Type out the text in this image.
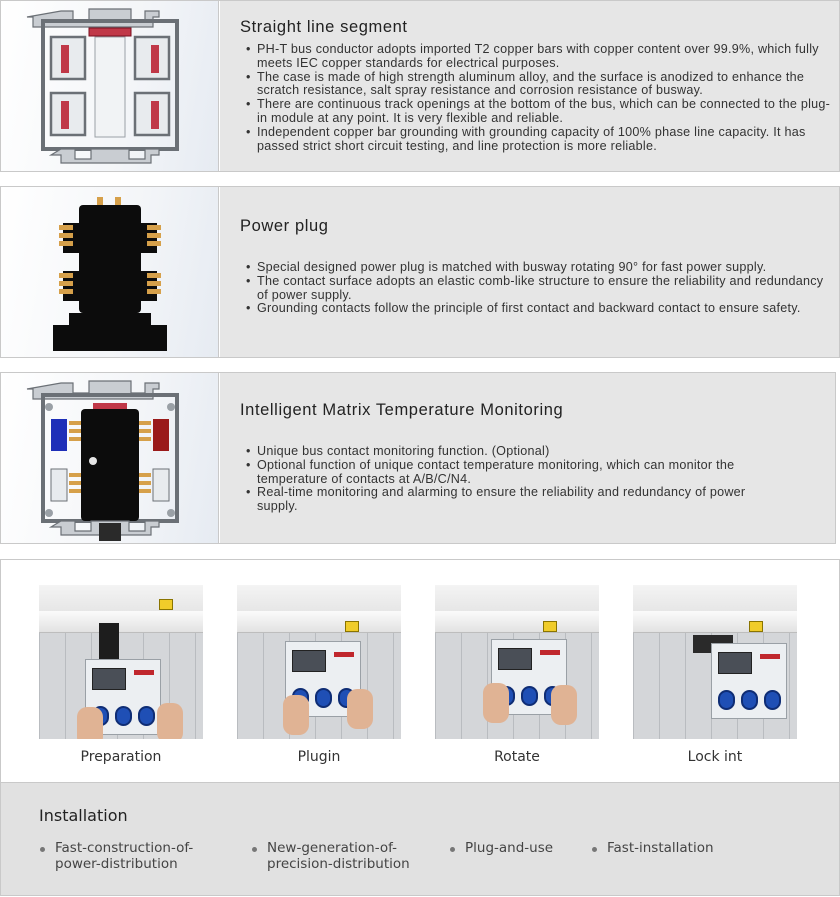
Straight line segment
• PH-T bus conductor adopts imported T2 copper bars with copper content over 99.9%, which fully meets IEC copper standards for electrical purposes.
• The case is made of high strength aluminum alloy, and the surface is anodized to enhance the scratch resistance, salt spray resistance and corrosion resistance of busway.
• There are continuous track openings at the bottom of the bus, which can be connected to the plug-in module at any point. It is very flexible and reliable.
• Independent copper bar grounding with grounding capacity of 100% phase line capacity. It has passed strict short circuit testing, and line protection is more reliable.
Power plug
• Special designed power plug is matched with busway rotating 90° for fast power supply.
• The contact surface adopts an elastic comb-like structure to ensure the reliability and redundancy of power supply.
• Grounding contacts follow the principle of first contact and backward contact to ensure safety.
Intelligent Matrix Temperature Monitoring
• Unique bus contact monitoring function. (Optional)
• Optional function of unique contact temperature monitoring, which can monitor the temperature of contacts at A/B/C/N4.
• Real-time monitoring and alarming to ensure the reliability and redundancy of power supply.
Preparation	Plugin	Rotate	Lock int
Installation
Fast-construction-of-
power-distribution
New-generation-of-
precision-distribution
Plug-and-use	Fast-installation
